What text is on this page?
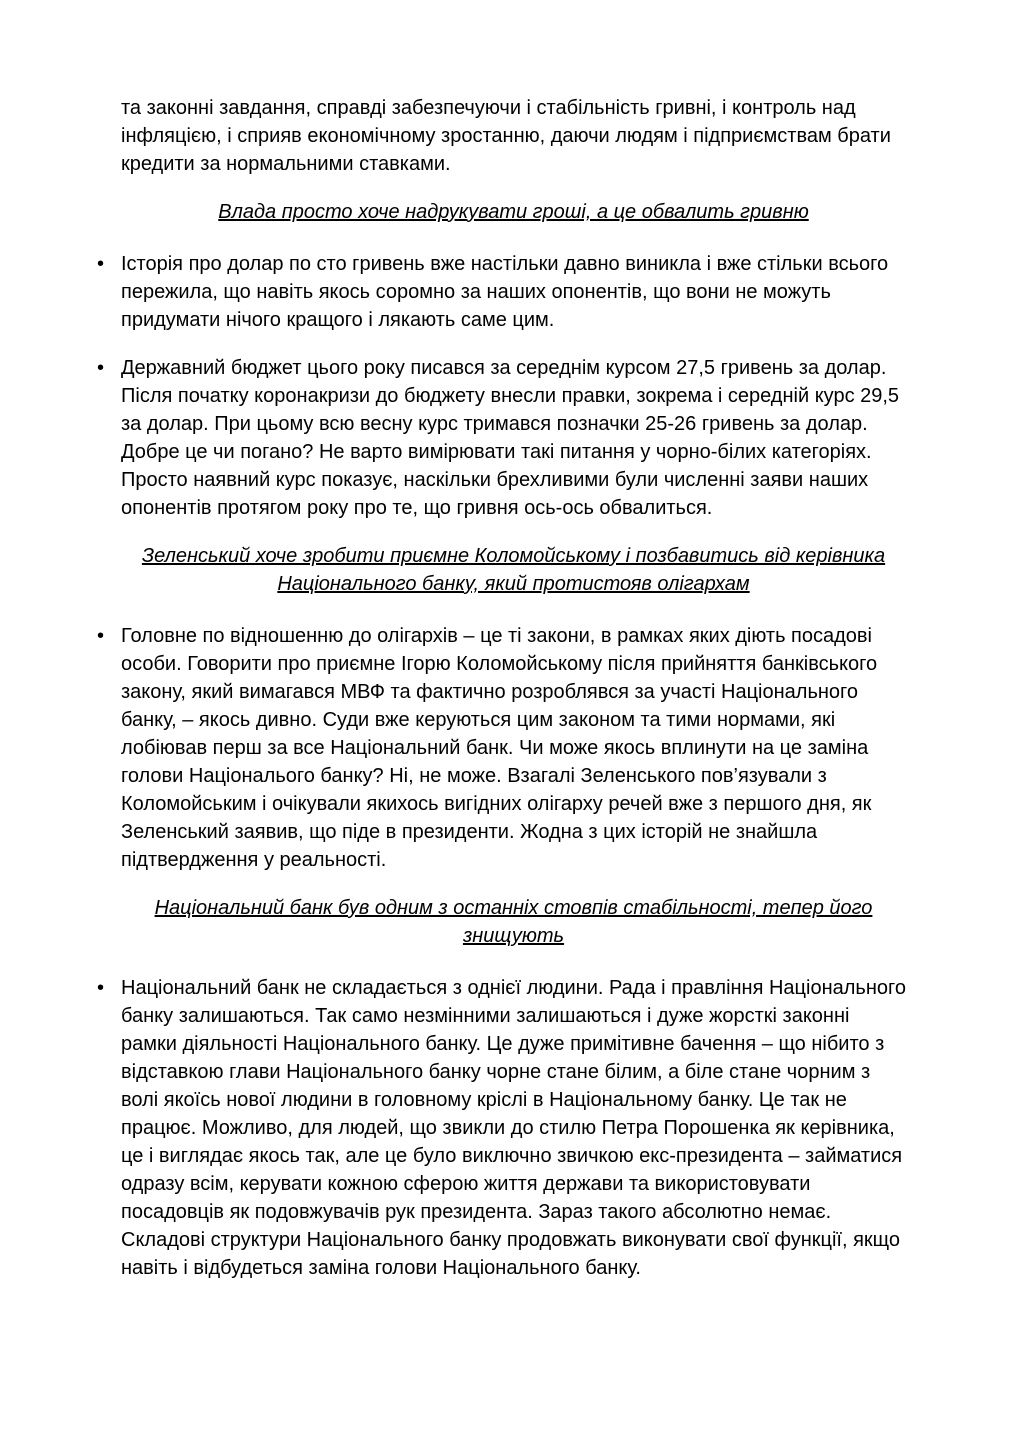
та законні завдання, справді забезпечуючи і стабільність гривні, і контроль над інфляцією, і сприяв економічному зростанню, даючи людям і підприємствам брати кредити за нормальними ставками.

Влада просто хоче надрукувати гроші, а це обвалить гривню
• Історія про долар по сто гривень вже настільки давно виникла і вже стільки всього пережила, що навіть якось соромно за наших опонентів, що вони не можуть придумати нічого кращого і лякають саме цим.
• Державний бюджет цього року писався за середнім курсом 27,5 гривень за долар. Після початку коронакризи до бюджету внесли правки, зокрема і середній курс 29,5 за долар. При цьому всю весну курс тримався позначки 25-26 гривень за долар. Добре це чи погано? Не варто вимірювати такі питання у чорно-білих категоріях. Просто наявний курс показує, наскільки брехливими були численні заяви наших опонентів протягом року про те, що гривня ось-ось обвалиться.
Зеленський хоче зробити приємне Коломойському і позбавитись від керівника Національного банку, який протистояв олігархам
• Головне по відношенню до олігархів – це ті закони, в рамках яких діють посадові особи. Говорити про приємне Ігорю Коломойському після прийняття банківського закону, який вимагався МВФ та фактично розроблявся за участі Національного банку, – якось дивно. Суди вже керуються цим законом та тими нормами, які лобіював перш за все Національний банк. Чи може якось вплинути на це заміна голови Національого банку? Ні, не може. Взагалі Зеленського пов’язували з Коломойським і очікували якихось вигідних олігарху речей вже з першого дня, як Зеленський заявив, що піде в президенти. Жодна з цих історій не знайшла підтвердження у реальності.
Національний банк був одним з останніх стовпів стабільності, тепер його знищують
• Національний банк не складається з однієї людини. Рада і правління Національного банку залишаються. Так само незмінними залишаються і дуже жорсткі законні рамки діяльності Національного банку. Це дуже примітивне бачення – що нібито з відставкою глави Національного банку чорне стане білим, а біле стане чорним з волі якоїсь нової людини в головному кріслі в Національному банку. Це так не працює. Можливо, для людей, що звикли до стилю Петра Порошенка як керівника, це і виглядає якось так, але це було виключно звичкою екс-президента – займатися одразу всім, керувати кожною сферою життя держави та використовувати посадовців як подовжувачів рук президента. Зараз такого абсолютно немає. Складові структури Національного банку продовжать виконувати свої функції, якщо навіть і відбудеться заміна голови Національного банку.
